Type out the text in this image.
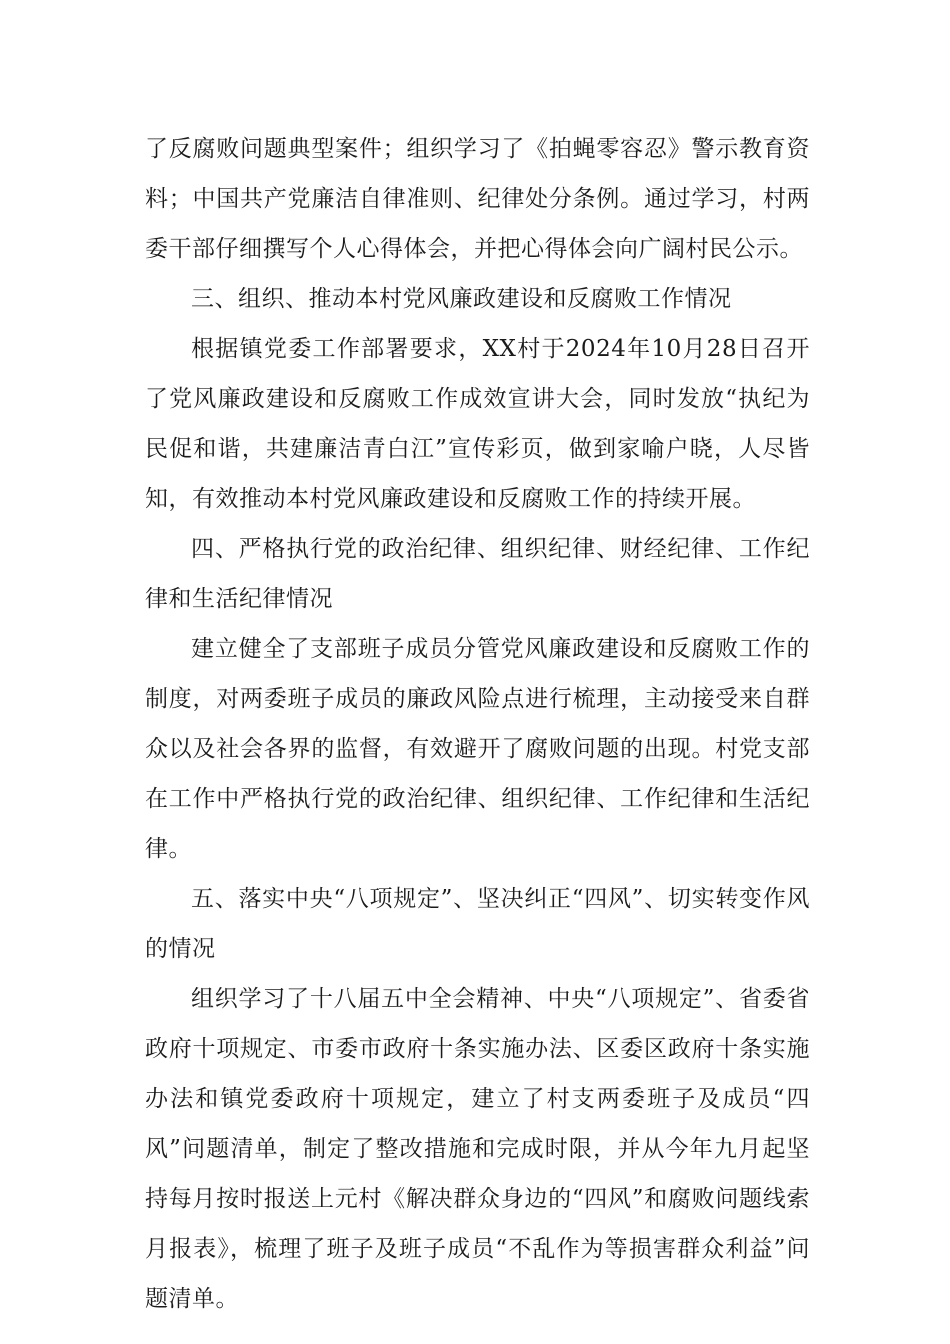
了反腐败问题典型案件；组织学习了《拍蝇零容忍》警示教育资料；中国共产党廉洁自律准则、纪律处分条例。通过学习，村两委干部仔细撰写个人心得体会，并把心得体会向广阔村民公示。

三、组织、推动本村党风廉政建设和反腐败工作情况

根据镇党委工作部署要求，XX村于2024年10月28日召开了党风廉政建设和反腐败工作成效宣讲大会，同时发放“执纪为民促和谐，共建廉洁青白江”宣传彩页，做到家喻户晓，人尽皆知，有效推动本村党风廉政建设和反腐败工作的持续开展。

四、严格执行党的政治纪律、组织纪律、财经纪律、工作纪律和生活纪律情况

建立健全了支部班子成员分管党风廉政建设和反腐败工作的制度，对两委班子成员的廉政风险点进行梳理，主动接受来自群众以及社会各界的监督，有效避开了腐败问题的出现。村党支部在工作中严格执行党的政治纪律、组织纪律、工作纪律和生活纪律。

五、落实中央“八项规定”、坚决纠正“四风”、切实转变作风的情况

组织学习了十八届五中全会精神、中央“八项规定”、省委省政府十项规定、市委市政府十条实施办法、区委区政府十条实施办法和镇党委政府十项规定，建立了村支两委班子及成员“四风”问题清单，制定了整改措施和完成时限，并从今年九月起坚持每月按时报送上元村《解决群众身边的“四风”和腐败问题线索月报表》，梳理了班子及班子成员“不乱作为等损害群众利益”问题清单。
